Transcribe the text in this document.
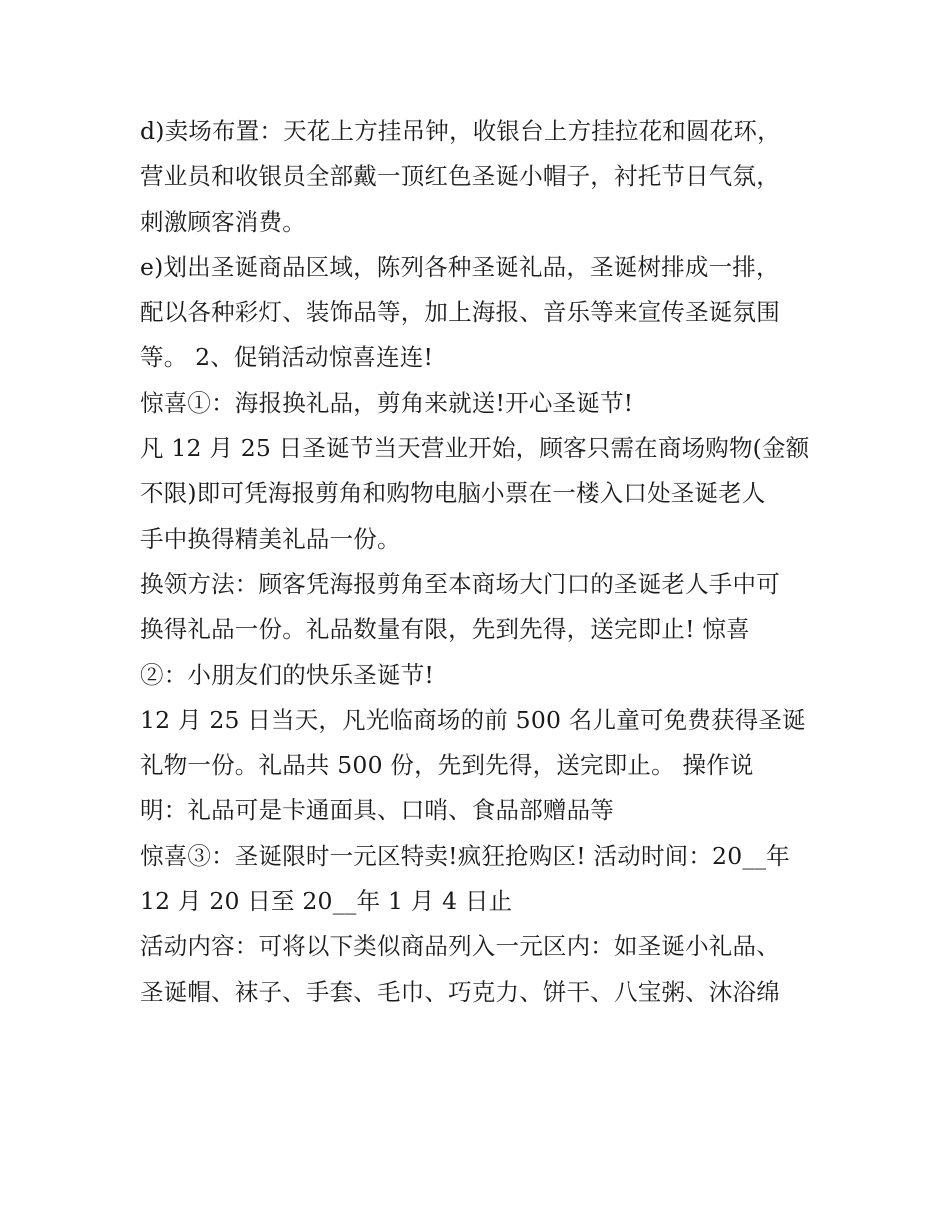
d)卖场布置：天花上方挂吊钟，收银台上方挂拉花和圆花环，
营业员和收银员全部戴一顶红色圣诞小帽子，衬托节日气氛，
刺激顾客消费。
e)划出圣诞商品区域，陈列各种圣诞礼品，圣诞树排成一排，
配以各种彩灯、装饰品等，加上海报、音乐等来宣传圣诞氛围
等。 2、促销活动惊喜连连!
惊喜①：海报换礼品，剪角来就送!开心圣诞节!
凡 12 月 25 日圣诞节当天营业开始，顾客只需在商场购物(金额
不限)即可凭海报剪角和购物电脑小票在一楼入口处圣诞老人
手中换得精美礼品一份。
换领方法：顾客凭海报剪角至本商场大门口的圣诞老人手中可
换得礼品一份。礼品数量有限，先到先得，送完即止! 惊喜
②：小朋友们的快乐圣诞节!
12 月 25 日当天，凡光临商场的前 500 名儿童可免费获得圣诞
礼物一份。礼品共 500 份，先到先得，送完即止。 操作说
明：礼品可是卡通面具、口哨、食品部赠品等
惊喜③：圣诞限时一元区特卖!疯狂抢购区! 活动时间：20__年
12 月 20 日至 20__年 1 月 4 日止
活动内容：可将以下类似商品列入一元区内：如圣诞小礼品、
圣诞帽、袜子、手套、毛巾、巧克力、饼干、八宝粥、沐浴绵
